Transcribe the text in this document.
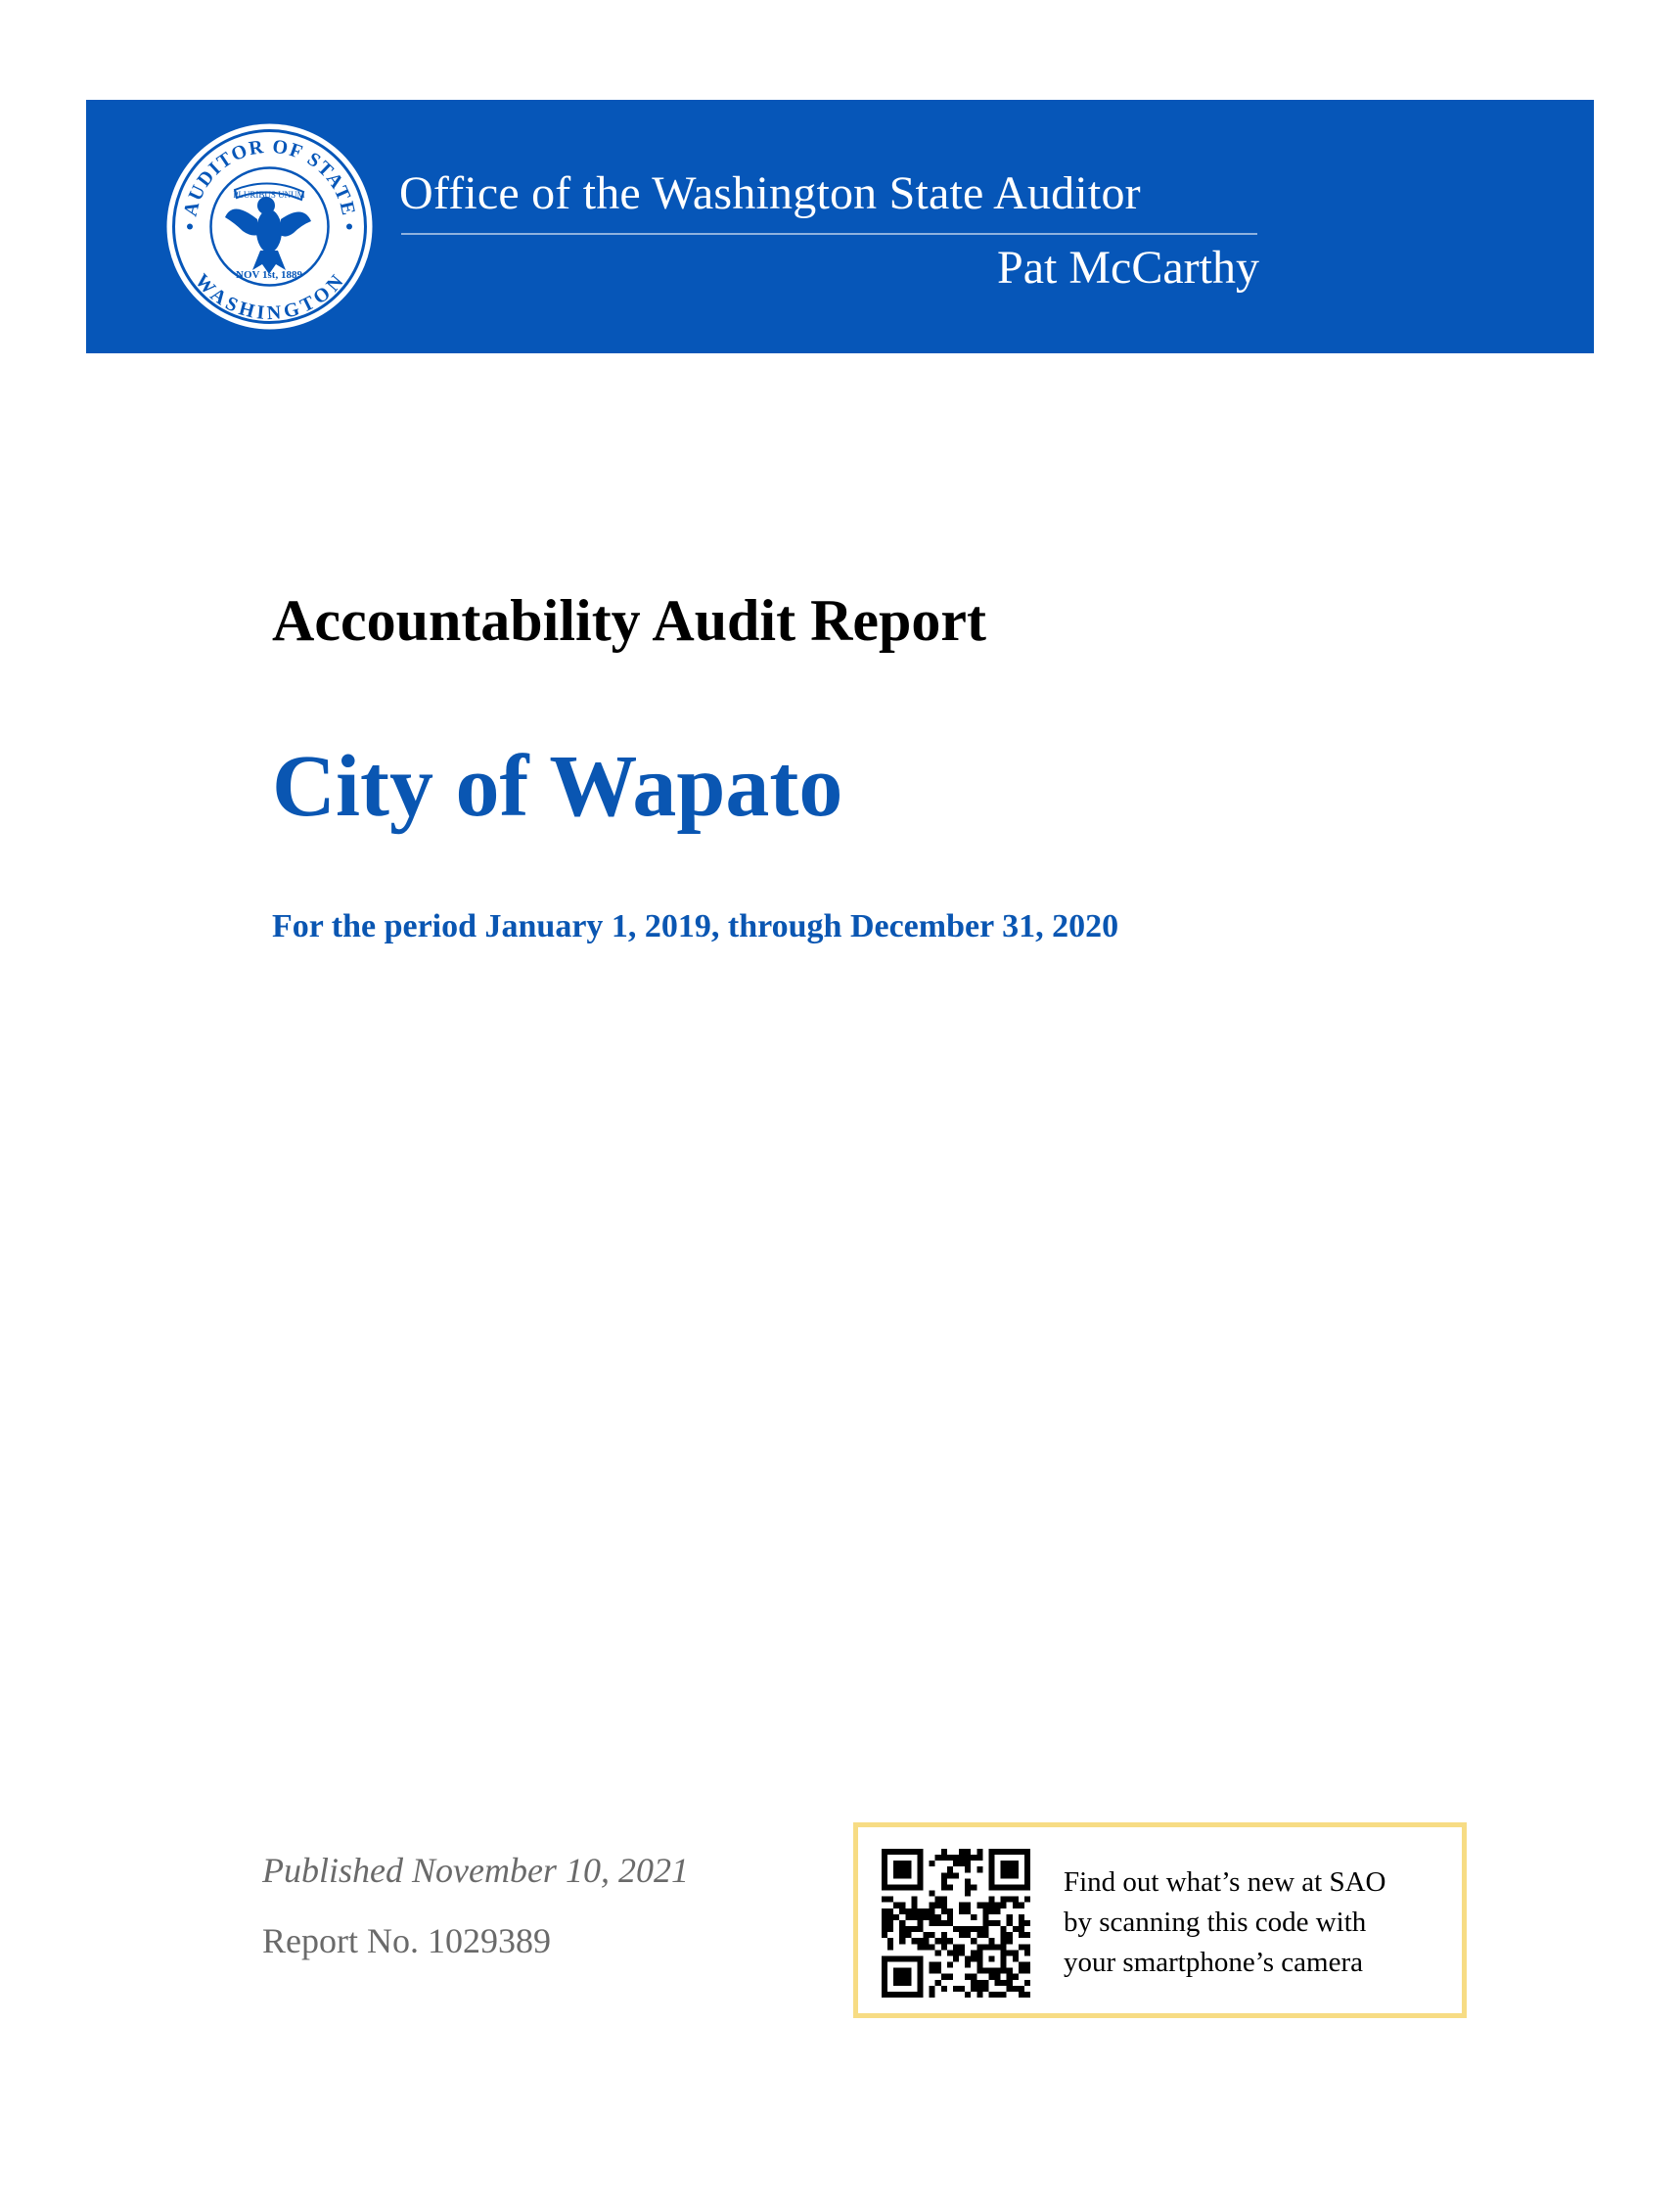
AUDITOR OF STATE
WASHINGTON
PLURIBUS UNUM
NOV 1st, 1889
Office of the Washington State Auditor
Pat McCarthy
Accountability Audit Report
City of Wapato
For the period January 1, 2019, through December 31, 2020
Published November 10, 2021
Report No. 1029389
Find out what’s new at SAO
by scanning this code with
your smartphone’s camera
